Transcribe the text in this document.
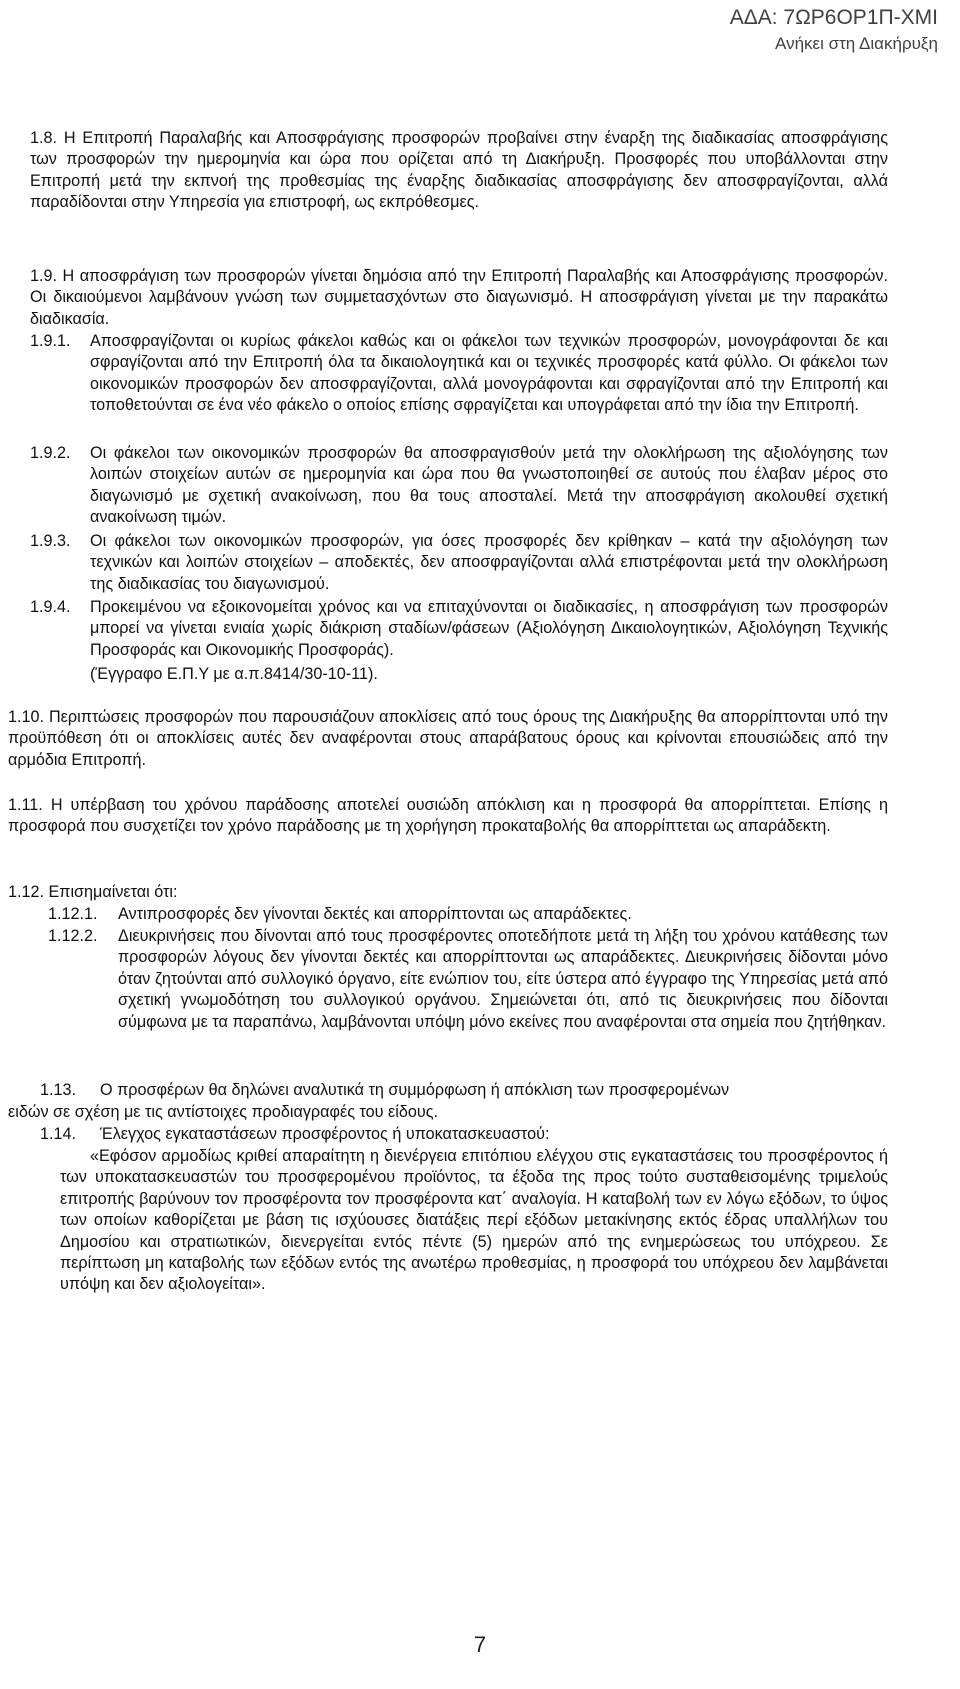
ΑΔΑ: 7ΩΡ6ΟΡ1Π-ΧΜΙ
Ανήκει στη Διακήρυξη
1.8. Η Επιτροπή Παραλαβής και Αποσφράγισης προσφορών προβαίνει στην έναρξη της διαδικασίας αποσφράγισης των προσφορών την ημερομηνία και ώρα που ορίζεται από τη Διακήρυξη. Προσφορές που υποβάλλονται στην Επιτροπή μετά την εκπνοή της προθεσμίας της έναρξης διαδικασίας αποσφράγισης δεν αποσφραγίζονται, αλλά παραδίδονται στην Υπηρεσία για επιστροφή, ως εκπρόθεσμες.
1.9. Η αποσφράγιση των προσφορών γίνεται δημόσια από την Επιτροπή Παραλαβής και Αποσφράγισης προσφορών. Οι δικαιούμενοι λαμβάνουν γνώση των συμμετασχόντων στο διαγωνισμό. Η αποσφράγιση γίνεται με την παρακάτω διαδικασία.
1.9.1.	Αποσφραγίζονται οι κυρίως φάκελοι καθώς και οι φάκελοι των τεχνικών προσφορών, μονογράφονται δε και σφραγίζονται από την Επιτροπή όλα τα δικαιολογητικά και οι τεχνικές προσφορές κατά φύλλο. Οι φάκελοι των οικονομικών προσφορών δεν αποσφραγίζονται, αλλά μονογράφονται και σφραγίζονται από την Επιτροπή και τοποθετούνται σε ένα νέο φάκελο ο οποίος επίσης σφραγίζεται και υπογράφεται από την ίδια την Επιτροπή.
1.9.2.	Οι φάκελοι των οικονομικών προσφορών θα αποσφραγισθούν μετά την ολοκλήρωση της αξιολόγησης των λοιπών στοιχείων αυτών σε ημερομηνία και ώρα που θα γνωστοποιηθεί σε αυτούς που έλαβαν μέρος στο διαγωνισμό με σχετική ανακοίνωση, που θα τους αποσταλεί. Μετά την αποσφράγιση ακολουθεί σχετική ανακοίνωση τιμών.
1.9.3.	Οι φάκελοι των οικονομικών προσφορών, για όσες προσφορές δεν κρίθηκαν – κατά την αξιολόγηση των τεχνικών και λοιπών στοιχείων – αποδεκτές, δεν αποσφραγίζονται αλλά επιστρέφονται μετά την ολοκλήρωση της διαδικασίας του διαγωνισμού.
1.9.4.	Προκειμένου να εξοικονομείται χρόνος και να επιταχύνονται οι διαδικασίες, η αποσφράγιση των προσφορών μπορεί να γίνεται ενιαία χωρίς διάκριση σταδίων/φάσεων (Αξιολόγηση Δικαιολογητικών, Αξιολόγηση Τεχνικής Προσφοράς και Οικονομικής Προσφοράς).
(Έγγραφο Ε.Π.Υ με α.π.8414/30-10-11).
1.10. Περιπτώσεις προσφορών που παρουσιάζουν αποκλίσεις από τους όρους της Διακήρυξης θα απορρίπτονται υπό την προϋπόθεση ότι οι αποκλίσεις αυτές δεν αναφέρονται στους απαράβατους όρους και κρίνονται επουσιώδεις από την αρμόδια Επιτροπή.
1.11. Η υπέρβαση του χρόνου παράδοσης αποτελεί ουσιώδη απόκλιση και η προσφορά θα απορρίπτεται. Επίσης η προσφορά που συσχετίζει τον χρόνο παράδοσης με τη χορήγηση προκαταβολής θα απορρίπτεται ως απαράδεκτη.
1.12. Επισημαίνεται ότι:
1.12.1.	Αντιπροσφορές δεν γίνονται δεκτές και απορρίπτονται ως απαράδεκτες.
1.12.2.	Διευκρινήσεις που δίνονται από τους προσφέροντες οποτεδήποτε μετά τη λήξη του χρόνου κατάθεσης των προσφορών λόγους δεν γίνονται δεκτές και απορρίπτονται ως απαράδεκτες. Διευκρινήσεις δίδονται μόνο όταν ζητούνται από συλλογικό όργανο, είτε ενώπιον του, είτε ύστερα από έγγραφο της Υπηρεσίας μετά από σχετική γνωμοδότηση του συλλογικού οργάνου. Σημειώνεται ότι, από τις διευκρινήσεις που δίδονται σύμφωνα με τα παραπάνω, λαμβάνονται υπόψη μόνο εκείνες που αναφέρονται στα σημεία που ζητήθηκαν.
1.13.	Ο προσφέρων θα δηλώνει αναλυτικά τη συμμόρφωση ή απόκλιση των προσφερομένων
ειδών σε σχέση με τις αντίστοιχες προδιαγραφές του είδους.
1.14.	Έλεγχος εγκαταστάσεων προσφέροντος ή υποκατασκευαστού:
«Εφόσον αρμοδίως κριθεί απαραίτητη η διενέργεια επιτόπιου ελέγχου στις εγκαταστάσεις του προσφέροντος ή των υποκατασκευαστών του προσφερομένου προϊόντος, τα έξοδα της προς τούτο συσταθεισομένης τριμελούς επιτροπής βαρύνουν τον προσφέροντα τον προσφέροντα κατ΄ αναλογία. Η καταβολή των εν λόγω εξόδων, το ύψος των οποίων καθορίζεται με βάση τις ισχύουσες διατάξεις περί εξόδων μετακίνησης εκτός έδρας υπαλλήλων του Δημοσίου και στρατιωτικών, διενεργείται εντός πέντε (5) ημερών από της ενημερώσεως του υπόχρεου. Σε περίπτωση μη καταβολής των εξόδων εντός της ανωτέρω προθεσμίας, η προσφορά του υπόχρεου δεν λαμβάνεται υπόψη και δεν αξιολογείται».
7
